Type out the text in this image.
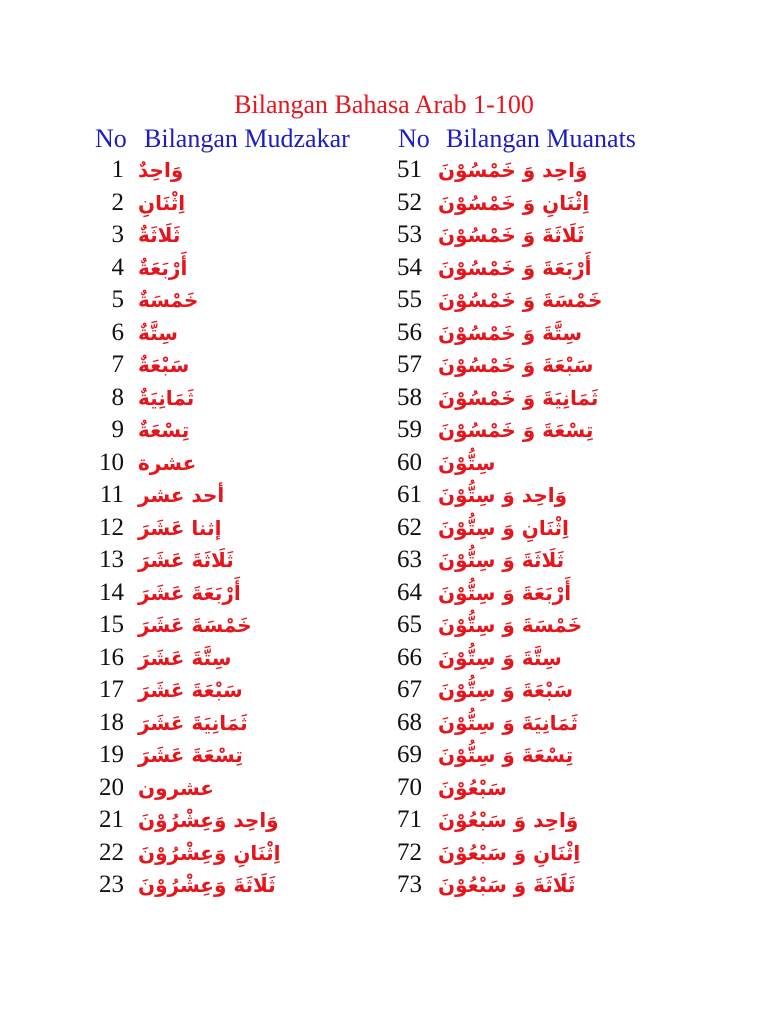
Bilangan Bahasa Arab 1-100
No Bilangan Mudzakar No Bilangan Muanats
1 وَاحِدٌ
2 اِثْنَانِ
3 ثَلَاثَةٌ
4 أَرْبَعَةٌ
5 خَمْسَةٌ
6 سِتَّةٌ
7 سَبْعَةٌ
8 ثَمَانِيَةٌ
9 تِسْعَةٌ
10 عشرة
11 أحد عشر
12 إثنا عَشَرَ
13 ثَلَاثَةَ عَشَرَ
14 أَرْبَعَةَ عَشَرَ
15 خَمْسَةَ عَشَرَ
16 سِتَّةَ عَشَرَ
17 سَبْعَةَ عَشَرَ
18 ثَمَانِيَةَ عَشَرَ
19 تِسْعَةَ عَشَرَ
20 عشرون
21 وَاحِد وَعِشْرُوْنَ
22 اِثْنَانِ وَعِشْرُوْنَ
23 ثَلَاثَةَ وَعِشْرُوْنَ
51 وَاحِد وَ خَمْسُوْنَ
52 اِثْنَانِ وَ خَمْسُوْنَ
53 ثَلَاثَةَ وَ خَمْسُوْنَ
54 أَرْبَعَةَ وَ خَمْسُوْنَ
55 خَمْسَةَ وَ خَمْسُوْنَ
56 سِتَّةَ وَ خَمْسُوْنَ
57 سَبْعَةَ وَ خَمْسُوْنَ
58 ثَمَانِيَةَ وَ خَمْسُوْنَ
59 تِسْعَةَ وَ خَمْسُوْنَ
60 سِتُّوْنَ
61 وَاحِد وَ سِتُّوْنَ
62 اِثْنَانِ وَ سِتُّوْنَ
63 ثَلَاثَةَ وَ سِتُّوْنَ
64 أَرْبَعَةَ وَ سِتُّوْنَ
65 خَمْسَةَ وَ سِتُّوْنَ
66 سِتَّةَ وَ سِتُّوْنَ
67 سَبْعَةَ وَ سِتُّوْنَ
68 ثَمَانِيَةَ وَ سِتُّوْنَ
69 تِسْعَةَ وَ سِتُّوْنَ
70 سَبْعُوْنَ
71 وَاحِد وَ سَبْعُوْنَ
72 اِثْنَانِ وَ سَبْعُوْنَ
73 ثَلَاثَةَ وَ سَبْعُوْنَ
